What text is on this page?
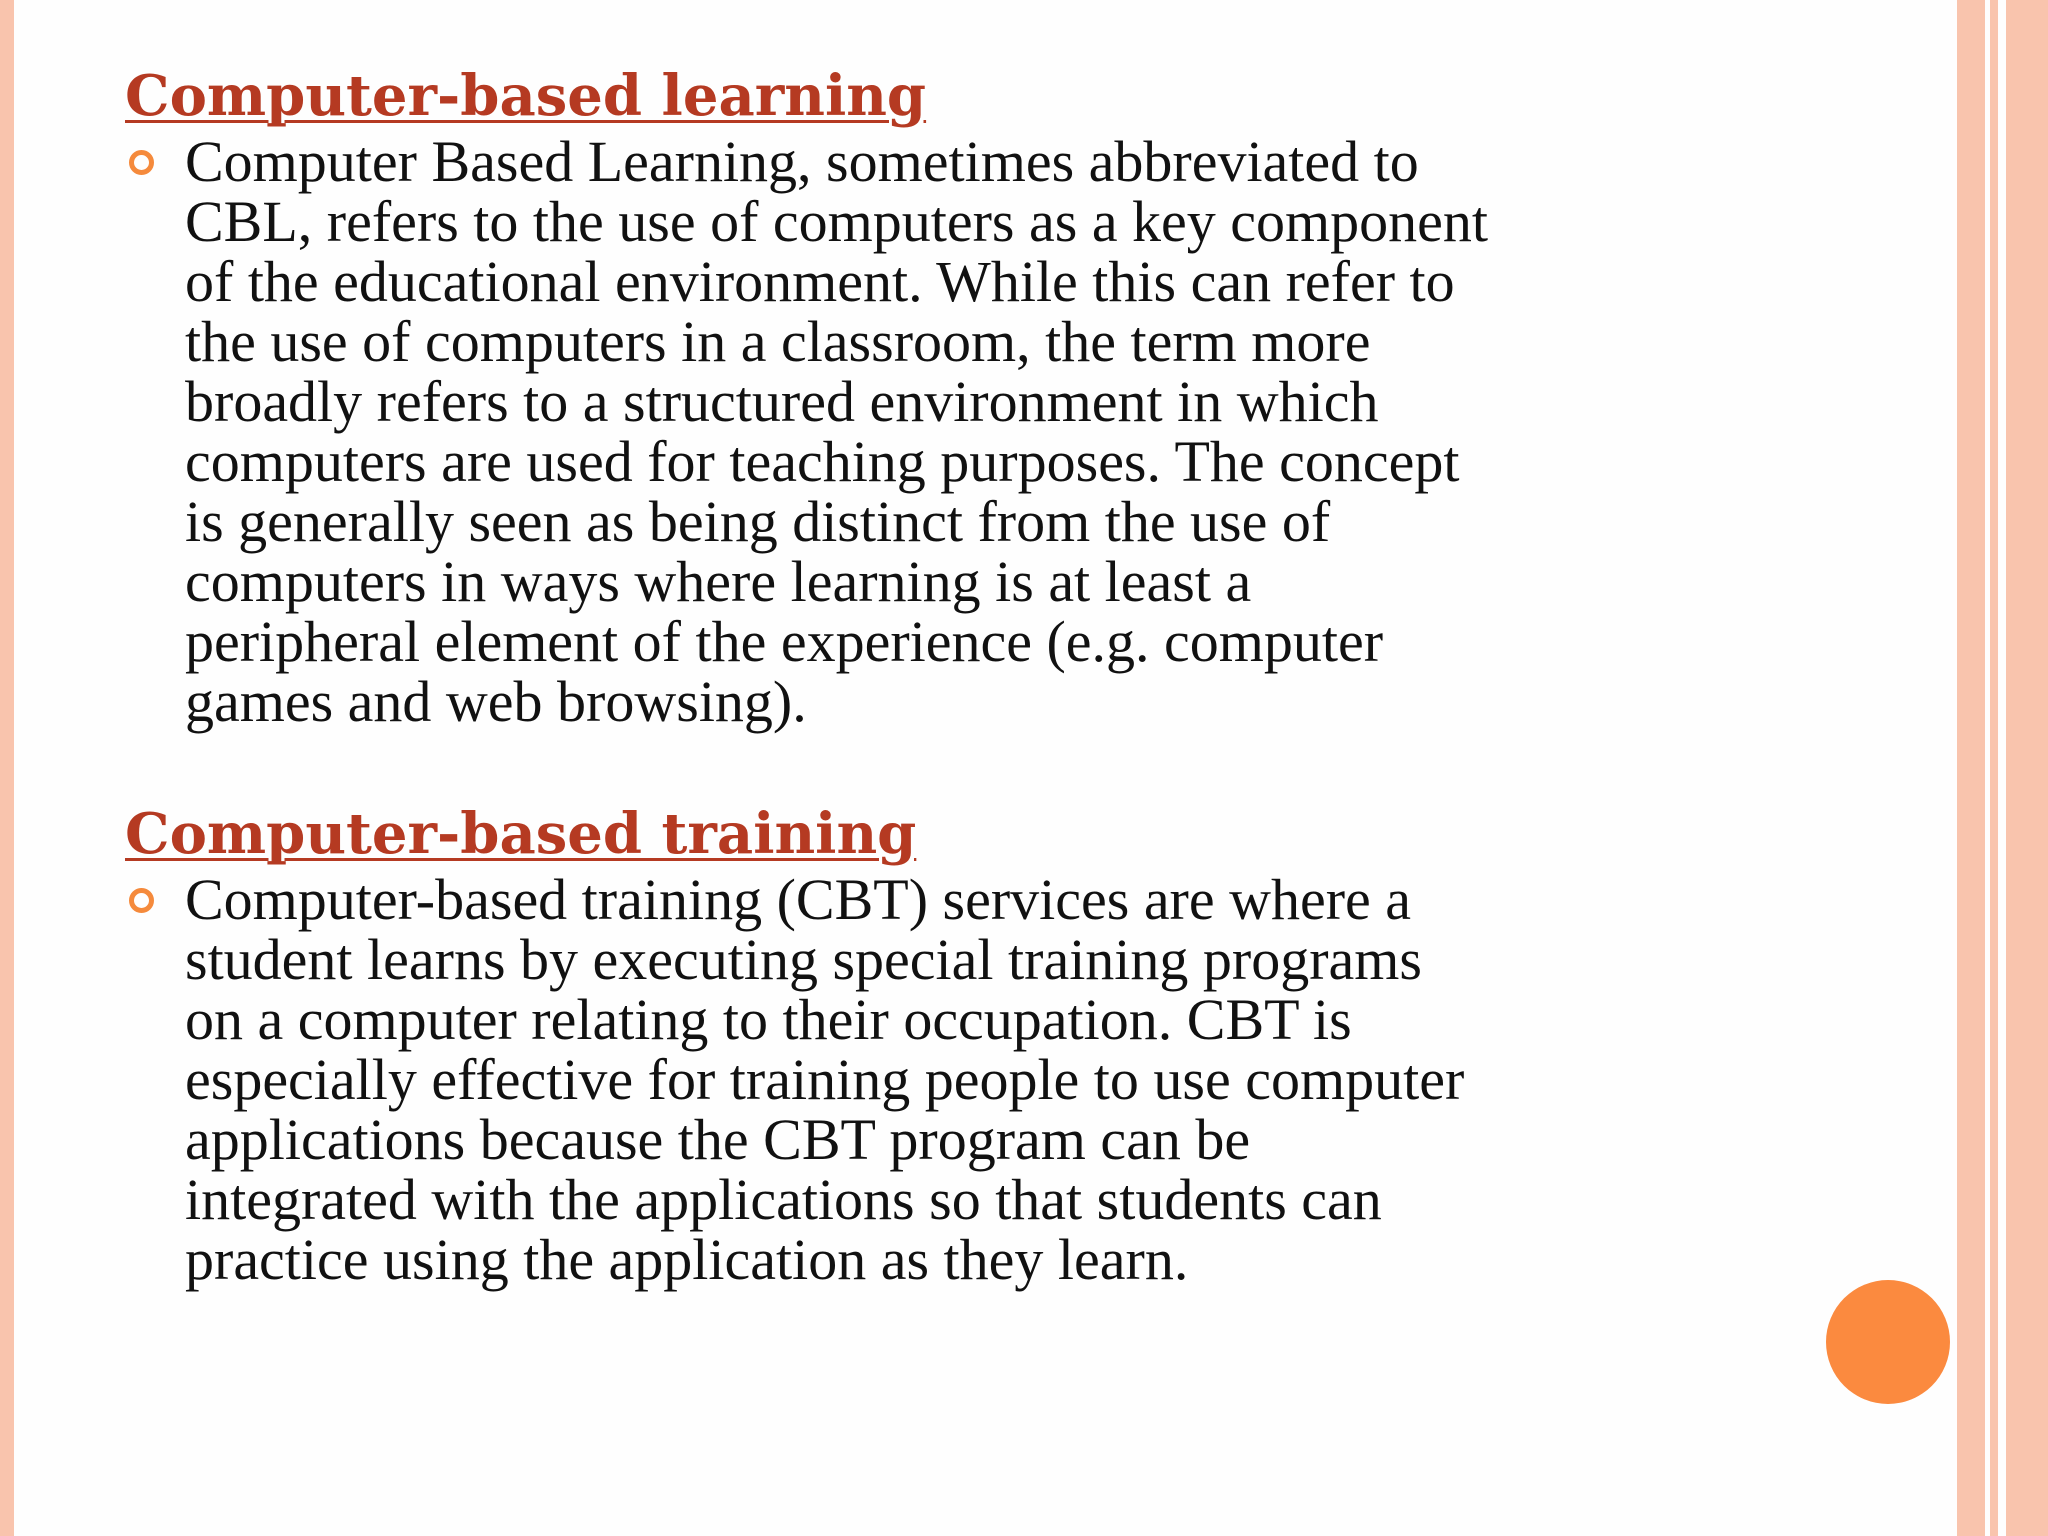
Computer-based learning

Computer Based Learning, sometimes abbreviated to
CBL, refers to the use of computers as a key component
of the educational environment. While this can refer to
the use of computers in a classroom, the term more
broadly refers to a structured environment in which
computers are used for teaching purposes. The concept
is generally seen as being distinct from the use of
computers in ways where learning is at least a
peripheral element of the experience (e.g. computer
games and web browsing).

Computer-based training

Computer-based training (CBT) services are where a
student learns by executing special training programs
on a computer relating to their occupation. CBT is
especially effective for training people to use computer
applications because the CBT program can be
integrated with the applications so that students can
practice using the application as they learn.
